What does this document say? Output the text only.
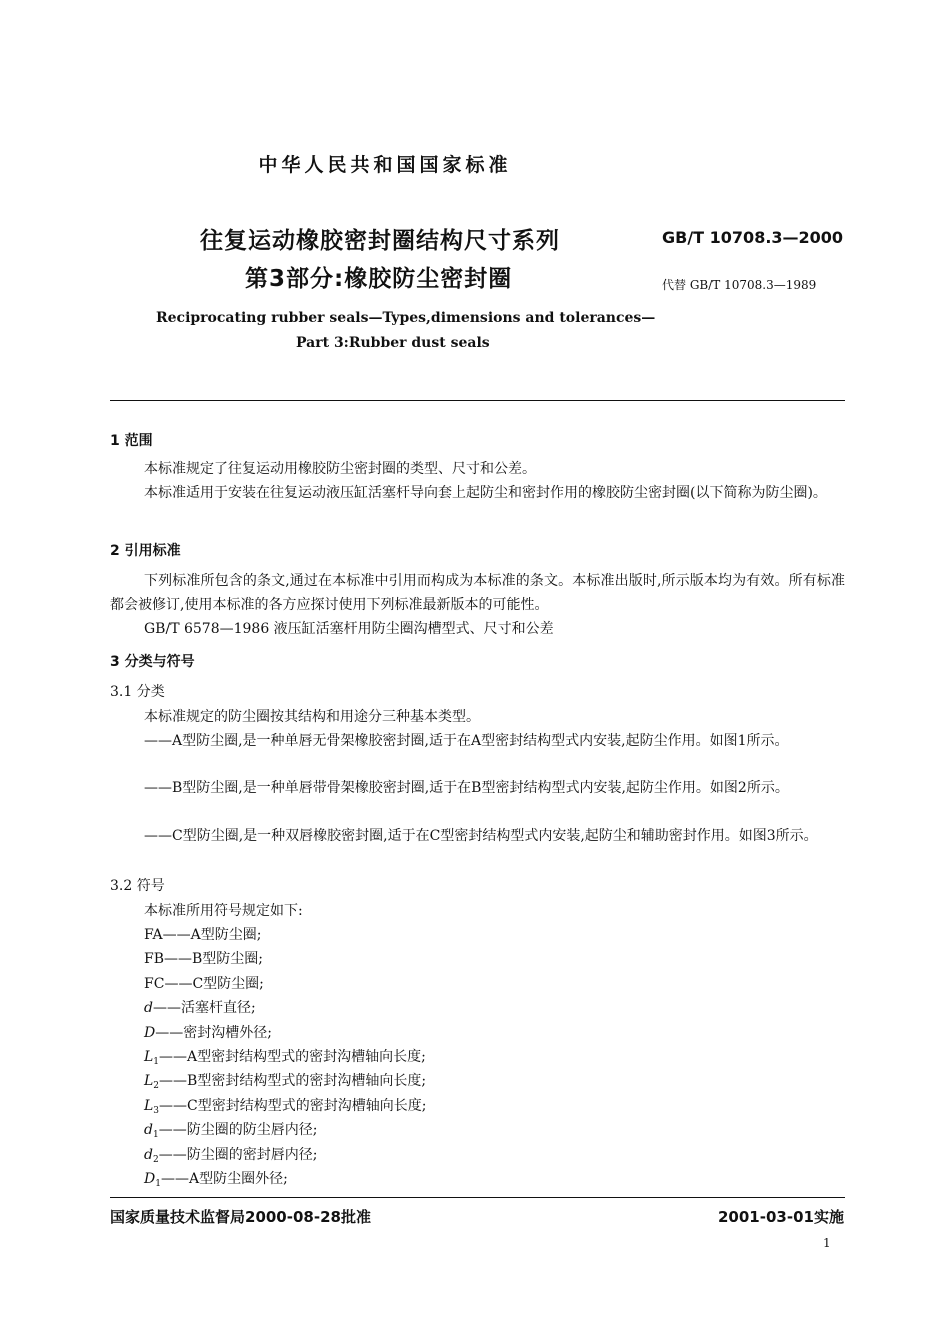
中华人民共和国国家标准
往复运动橡胶密封圈结构尺寸系列
第3部分:橡胶防尘密封圈
GB/T 10708.3—2000
代替 GB/T 10708.3—1989
Reciprocating rubber seals—Types,dimensions and tolerances—
Part 3:Rubber dust seals
1 范围
本标准规定了往复运动用橡胶防尘密封圈的类型、尺寸和公差。
本标准适用于安装在往复运动液压缸活塞杆导向套上起防尘和密封作用的橡胶防尘密封圈(以下简称为防尘圈)。
2 引用标准
下列标准所包含的条文,通过在本标准中引用而构成为本标准的条文。本标准出版时,所示版本均为有效。所有标准都会被修订,使用本标准的各方应探讨使用下列标准最新版本的可能性。
GB/T 6578—1986 液压缸活塞杆用防尘圈沟槽型式、尺寸和公差
3 分类与符号
3.1 分类
本标准规定的防尘圈按其结构和用途分三种基本类型。
——A型防尘圈,是一种单唇无骨架橡胶密封圈,适于在A型密封结构型式内安装,起防尘作用。如图1所示。
——B型防尘圈,是一种单唇带骨架橡胶密封圈,适于在B型密封结构型式内安装,起防尘作用。如图2所示。
——C型防尘圈,是一种双唇橡胶密封圈,适于在C型密封结构型式内安装,起防尘和辅助密封作用。如图3所示。
3.2 符号
本标准所用符号规定如下:
FA——A型防尘圈;
FB——B型防尘圈;
FC——C型防尘圈;
d——活塞杆直径;
D——密封沟槽外径;
$L_1——A$型密封结构型式的密封沟槽轴向长度;
$L_2——B$型密封结构型式的密封沟槽轴向长度;
$L_3——C$型密封结构型式的密封沟槽轴向长度;
$d_1——$防尘圈的防尘唇内径;
$d_2——$防尘圈的密封唇内径;
$D_1——A$型防尘圈外径;
国家质量技术监督局2000-08-28批准	2001-03-01实施
1
